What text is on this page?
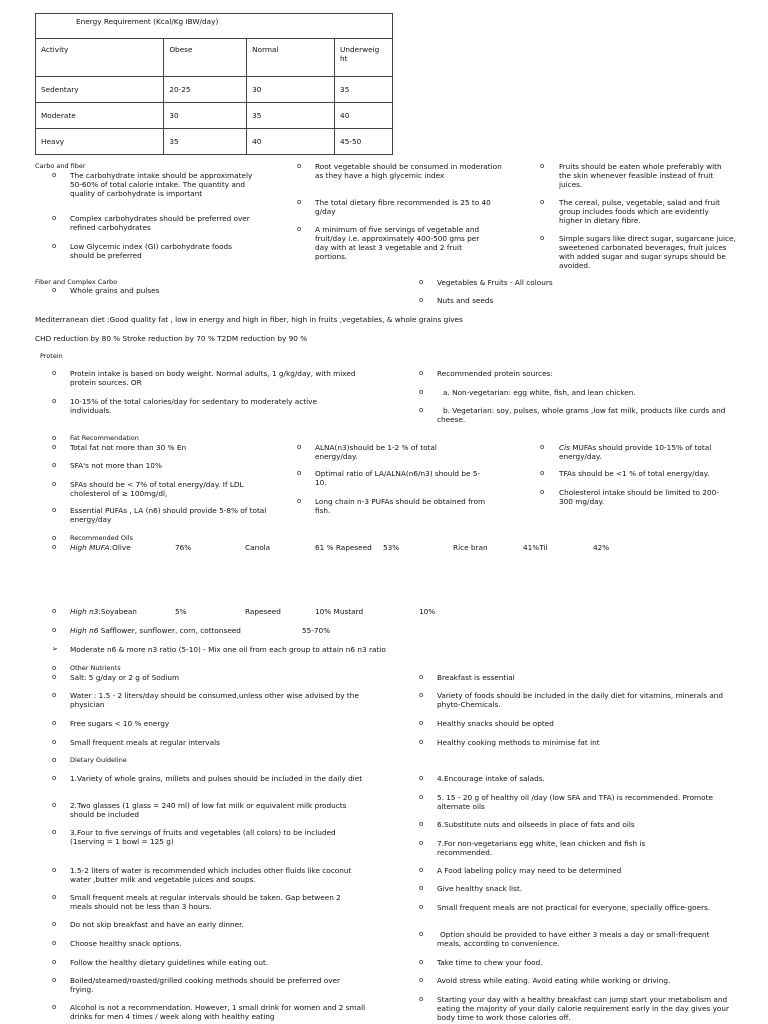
Energy Requirement (Kcal/Kg IBW/day)			
Activity	Obese	Normal	Underweig ht
Sedentary	20-25	30	35
Moderate	30	35	40
Heavy	35	40	45-50
Carbo and fiber
o The carbohydrate intake should be approximately 50-60% of total calorie intake. The quantity and quality of carbohydrate is important
o Complex carbohydrates should be preferred over refined carbohydrates
o Low Glycemic index (GI) carbohydrate foods should be preferred
o Root vegetable should be consumed in moderation as they have a high glycemic index
o The total dietary fibre recommended is 25 to 40 g/day
o A minimum of five servings of vegetable and fruit/day i.e. approximately 400-500 gms per day with at least 3 vegetable and 2 fruit portions.
o Fruits should be eaten whole preferably with the skin whenever feasible instead of fruit juices.
o The cereal, pulse, vegetable, salad and fruit group includes foods which are evidently higher in dietary fibre.
o Simple sugars like direct sugar, sugarcane juice, sweetened carbonated beverages, fruit juices with added sugar and sugar syrups should be avoided.
Fiber and Complex Carbo
o Whole grains and pulses
o Vegetables & Fruits - All colours
o Nuts and seeds
Mediterranean diet :Good quality fat , low in energy and high in fiber, high in fruits ,vegetables, & whole grains gives
CHD reduction by 80 % Stroke reduction by 70 % T2DM reduction by 90 %
Protein
o Protein intake is based on body weight. Normal adults, 1 g/kg/day, with mixed protein sources. OR
o 10-15% of the total calories/day for sedentary to moderately active individuals.
o Recommended protein sources:
o	a. Non-vegetarian: egg white, fish, and lean chicken.
o	b. Vegetarian: soy, pulses, whole grams ,low fat milk, products like curds and cheese.
o Fat Recommendation
o Total fat not more than 30 % En
o SFA's not more than 10%
o SFAs should be < 7% of total energy/day. If LDL cholesterol of ≥ 100mg/dl,
o Essential PUFAs , LA (n6) should provide 5-8% of total energy/day
o ALNA(n3)should be 1-2 % of total energy/day.
o Optimal ratio of LA/ALNA(n6/n3) should be 5-10.
o Long chain n-3 PUFAs should be obtained from fish.
o Cis MUFAs should provide 10-15% of total energy/day.
o TFAs should be <1 % of total energy/day.
o Cholesterol intake should be limited to 200-300 mg/day.
o Recommended Oils
o High MUFA:Olive	76%	Canola	61 % Rapeseed 53%	Rice bran	41%Til	42%
o High n3:Soyabean	5%	Rapeseed	10% Mustard	10%
o High n6 Safflower, sunflower, corn, cottonseed	55-70%
➢ Moderate n6 & more n3 ratio (5-10) - Mix one oil from each group to attain n6 n3 ratio
o Other Nutrients
o Salt: 5 g/day or 2 g of Sodium
o Water : 1.5 - 2 liters/day should be consumed,unless other wise advised by the physician
o Free sugars < 10 % energy
o Small frequent meals at regular intervals
o Breakfast is essential
o Variety of foods should be included in the daily diet for vitamins, minerals and phyto-Chemicals.
o Healthy snacks should be opted
o Healthy cooking methods to minimise fat int
o Dietary Guideline
o 1.Variety of whole grains, millets and pulses should be included in the daily diet
o 2.Two glasses (1 glass = 240 ml) of low fat milk or equivalent milk products should be included
o 3.Four to five servings of fruits and vegetables (all colors) to be included (1serving = 1 bowl = 125 g)
o 1.5-2 liters of water is recommended which includes other fluids like coconut water ,butter milk and vegetable juices and soups.
o Small frequent meals at regular intervals should be taken. Gap between 2 meals should not be less than 3 hours.
o Do not skip breakfast and have an early dinner.
o Choose healthy snack options.
o Follow the healthy dietary guidelines while eating out.
o Boiled/steamed/roasted/grilled cooking methods should be preferred over frying.
o Alcohol is not a recommendation. However, 1 small drink for women and 2 small drinks for men 4 times / week along with healthy eating
o 4.Encourage intake of salads.
o 5. 15 - 20 g of healthy oil /day (low SFA and TFA) is recommended. Promote alternate oils
o 6.Substitute nuts and oilseeds in place of fats and oils
o 7.For non-vegetarians egg white, lean chicken and fish is recommended.
o A Food labeling policy may need to be determined
o Give healthy snack list.
o Small frequent meals are not practical for everyone, specially office-goers.
o	Option should be provided to have either 3 meals a day or small-frequent meals, according to convenience.
o Take time to chew your food.
o Avoid stress while eating. Avoid eating while working or driving.
o Starting your day with a healthy breakfast can jump start your metabolism and eating the majority of your daily calorie requirement early in the day gives your body time to work those calories off.
